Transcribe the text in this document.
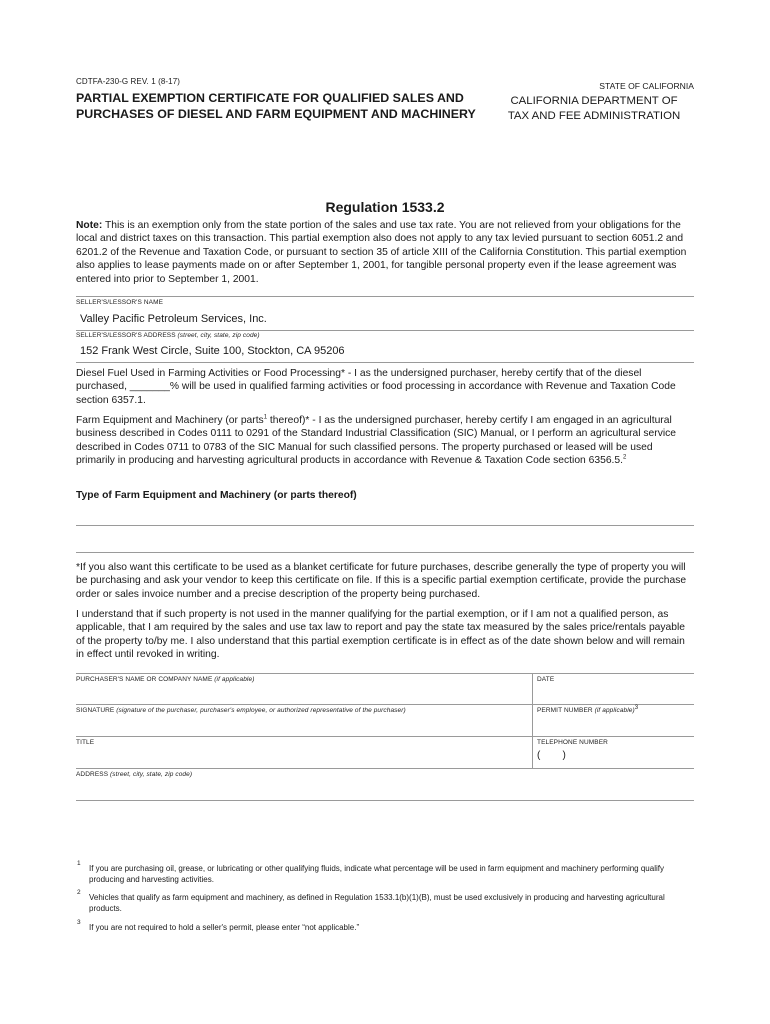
CDTFA-230-G REV. 1 (8-17)
PARTIAL EXEMPTION CERTIFICATE FOR QUALIFIED SALES AND
PURCHASES OF DIESEL AND FARM EQUIPMENT AND MACHINERY
STATE OF CALIFORNIA
CALIFORNIA DEPARTMENT OF
TAX AND FEE ADMINISTRATION
Regulation 1533.2
Note: This is an exemption only from the state portion of the sales and use tax rate. You are not relieved from your obligations for the local and district taxes on this transaction. This partial exemption also does not apply to any tax levied pursuant to section 6051.2 and 6201.2 of the Revenue and Taxation Code, or pursuant to section 35 of article XIII of the California Constitution. This partial exemption also applies to lease payments made on or after September 1, 2001, for tangible personal property even if the lease agreement was entered into prior to September 1, 2001.
SELLER'S/LESSOR'S NAME
Valley Pacific Petroleum Services, Inc.
SELLER'S/LESSOR'S ADDRESS (street, city, state, zip code)
152 Frank West Circle, Suite 100, Stockton, CA 95206
Diesel Fuel Used in Farming Activities or Food Processing* - I as the undersigned purchaser, hereby certify that of the diesel purchased, _______% will be used in qualified farming activities or food processing in accordance with Revenue and Taxation Code section 6357.1.
Farm Equipment and Machinery (or parts$^1$ thereof)* - I as the undersigned purchaser, hereby certify I am engaged in an agricultural business described in Codes 0111 to 0291 of the Standard Industrial Classification (SIC) Manual, or I perform an agricultural service described in Codes 0711 to 0783 of the SIC Manual for such classified persons. The property purchased or leased will be used primarily in producing and harvesting agricultural products in accordance with Revenue & Taxation Code section 6356.5.$^2$
Type of Farm Equipment and Machinery (or parts thereof)
*If you also want this certificate to be used as a blanket certificate for future purchases, describe generally the type of property you will be purchasing and ask your vendor to keep this certificate on file. If this is a specific partial exemption certificate, provide the purchase order or sales invoice number and a precise description of the property being purchased.
I understand that if such property is not used in the manner qualifying for the partial exemption, or if I am not a qualified person, as applicable, that I am required by the sales and use tax law to report and pay the state tax measured by the sales price/rentals payable of the property to/by me. I also understand that this partial exemption certificate is in effect as of the date shown below and will remain in effect until revoked in writing.
PURCHASER'S NAME OR COMPANY NAME (if applicable)	DATE
SIGNATURE (signature of the purchaser, purchaser's employee, or authorized representative of the purchaser)	PERMIT NUMBER (if applicable)$^3$
TITLE	TELEPHONE NUMBER
(        )
ADDRESS (street, city, state, zip code)
1
If you are purchasing oil, grease, or lubricating or other qualifying fluids, indicate what percentage will be used in farm equipment and machinery performing qualify producing and harvesting activities.
2
Vehicles that qualify as farm equipment and machinery, as defined in Regulation 1533.1(b)(1)(B), must be used exclusively in producing and harvesting agricultural products.
3
If you are not required to hold a seller's permit, please enter “not applicable.”
